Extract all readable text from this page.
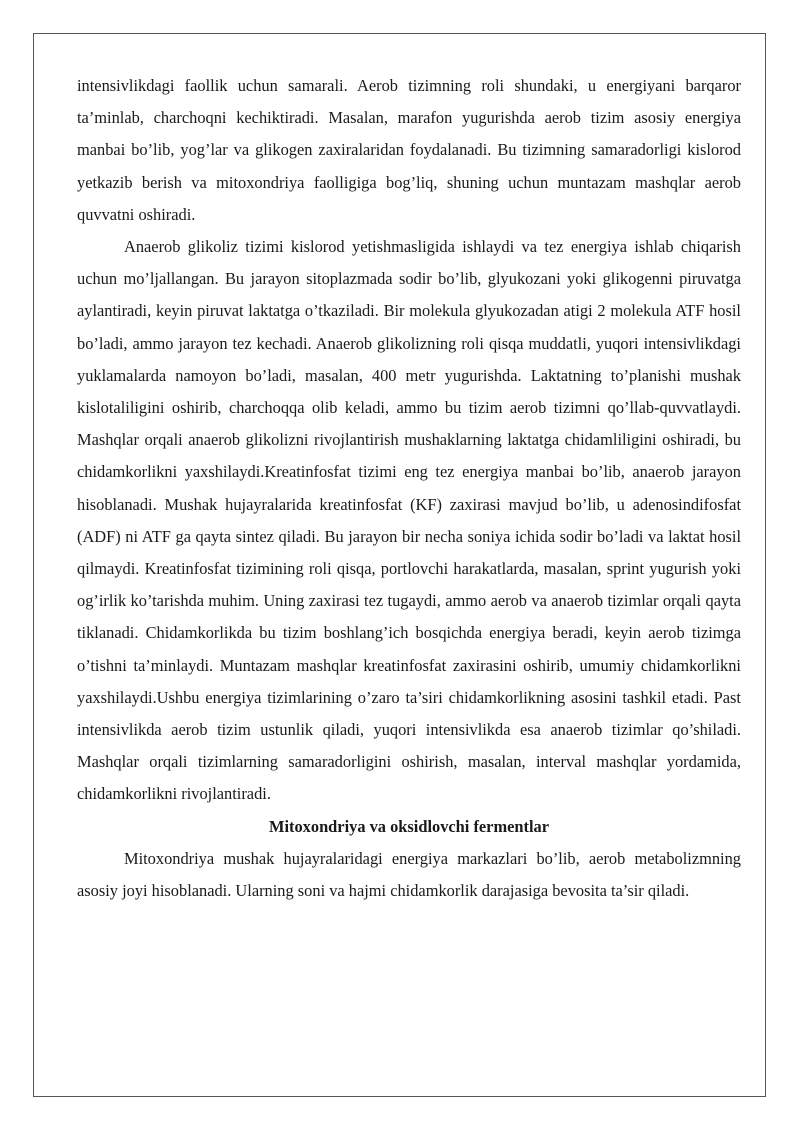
intensivlikdagi faollik uchun samarali. Aerob tizimning roli shundaki, u energiyani barqaror ta’minlab, charchoqni kechiktiradi. Masalan, marafon yugurishda aerob tizim asosiy energiya manbai bo’lib, yog’lar va glikogen zaxiralaridan foydalanadi. Bu tizimning samaradorligi kislorod yetkazib berish va mitoxondriya faolligiga bog’liq, shuning uchun muntazam mashqlar aerob quvvatni oshiradi.

Anaerob glikoliz tizimi kislorod yetishmasligida ishlaydi va tez energiya ishlab chiqarish uchun mo’ljallangan. Bu jarayon sitoplazmada sodir bo’lib, glyukozani yoki glikogenni piruvatga aylantiradi, keyin piruvat laktatga o’tkaziladi. Bir molekula glyukozadan atigi 2 molekula ATF hosil bo’ladi, ammo jarayon tez kechadi. Anaerob glikolizning roli qisqa muddatli, yuqori intensivlikdagi yuklamalarda namoyon bo’ladi, masalan, 400 metr yugurishda. Laktatning to’planishi mushak kislotaliligini oshirib, charchoqqa olib keladi, ammo bu tizim aerob tizimni qo’llab-quvvatlaydi. Mashqlar orqali anaerob glikolizni rivojlantirish mushaklarning laktatga chidamliligini oshiradi, bu chidamkorlikni yaxshilaydi.Kreatinfosfat tizimi eng tez energiya manbai bo’lib, anaerob jarayon hisoblanadi. Mushak hujayralarida kreatinfosfat (KF) zaxirasi mavjud bo’lib, u adenosindifosfat (ADF) ni ATF ga qayta sintez qiladi. Bu jarayon bir necha soniya ichida sodir bo’ladi va laktat hosil qilmaydi. Kreatinfosfat tizimining roli qisqa, portlovchi harakatlarda, masalan, sprint yugurish yoki og’irlik ko’tarishda muhim. Uning zaxirasi tez tugaydi, ammo aerob va anaerob tizimlar orqali qayta tiklanadi. Chidamkorlikda bu tizim boshlang’ich bosqichda energiya beradi, keyin aerob tizimga o’tishni ta’minlaydi. Muntazam mashqlar kreatinfosfat zaxirasini oshirib, umumiy chidamkorlikni yaxshilaydi.Ushbu energiya tizimlarining o’zaro ta’siri chidamkorlikning asosini tashkil etadi. Past intensivlikda aerob tizim ustunlik qiladi, yuqori intensivlikda esa anaerob tizimlar qo’shiladi. Mashqlar orqali tizimlarning samaradorligini oshirish, masalan, interval mashqlar yordamida, chidamkorlikni rivojlantiradi.

Mitoxondriya va oksidlovchi fermentlar

Mitoxondriya mushak hujayralaridagi energiya markazlari bo’lib, aerob metabolizmning asosiy joyi hisoblanadi. Ularning soni va hajmi chidamkorlik darajasiga bevosita ta’sir qiladi.
